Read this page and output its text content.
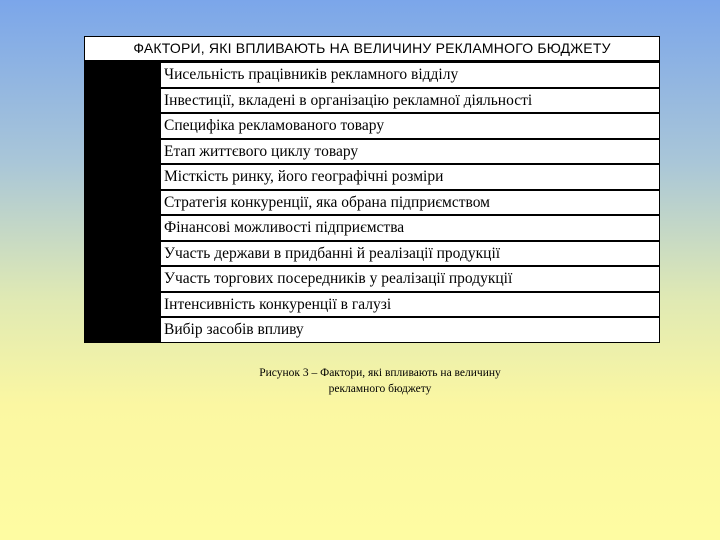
ФАКТОРИ, ЯКІ ВПЛИВАЮТЬ НА ВЕЛИЧИНУ РЕКЛАМНОГО БЮДЖЕТУ
Чисельність працівників рекламного відділу
Інвестиції, вкладені в організацію рекламної діяльності
Специфіка рекламованого товару
Етап життєвого циклу товару
Місткість ринку, його географічні розміри
Стратегія конкуренції, яка обрана підприємством
Фінансові можливості підприємства
Участь держави в придбанні й реалізації продукції
Участь торгових посередників у реалізації продукції
Інтенсивність конкуренції в галузі
Вибір засобів впливу
Рисунок 3 – Фактори, які впливають на величину
рекламного бюджету
